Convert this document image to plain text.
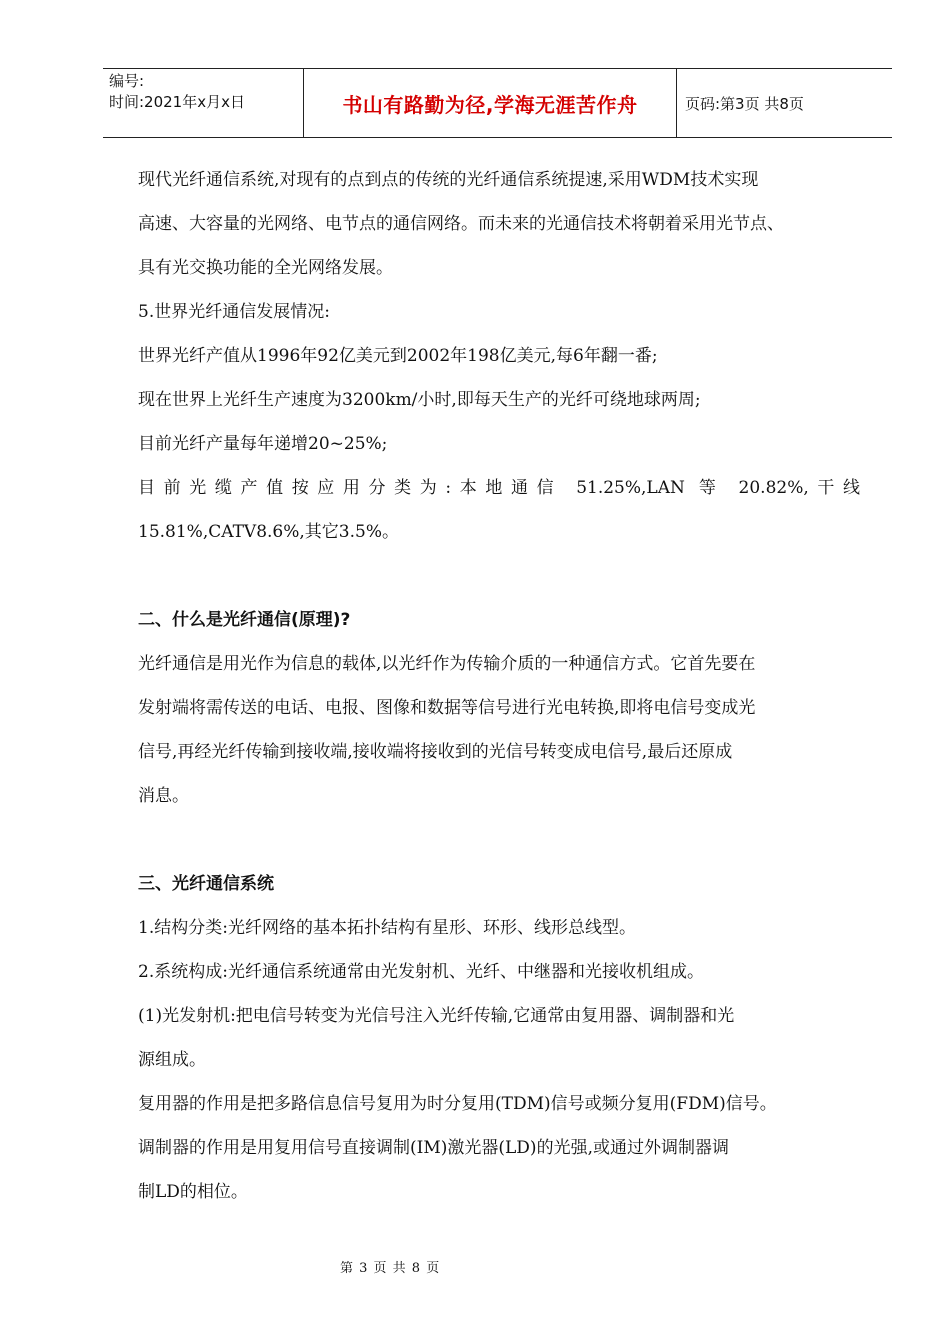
编号:
时间:2021年x月x日	书山有路勤为径,学海无涯苦作舟	页码:第3页 共8页

现代光纤通信系统,对现有的点到点的传统的光纤通信系统提速,采用WDM技术实现

高速、大容量的光网络、电节点的通信网络。而未来的光通信技术将朝着采用光节点、

具有光交换功能的全光网络发展。

5.世界光纤通信发展情况:

世界光纤产值从1996年92亿美元到2002年198亿美元,每6年翻一番;

现在世界上光纤生产速度为3200km/小时,即每天生产的光纤可绕地球两周;

目前光纤产量每年递增20~25%;

目前光缆产值按应用分类为:本地通信 51.25%,LAN 等 20.82%,干线

15.81%,CATV8.6%,其它3.5%。

二、什么是光纤通信(原理)?

光纤通信是用光作为信息的载体,以光纤作为传输介质的一种通信方式。它首先要在

发射端将需传送的电话、电报、图像和数据等信号进行光电转换,即将电信号变成光

信号,再经光纤传输到接收端,接收端将接收到的光信号转变成电信号,最后还原成

消息。

三、光纤通信系统

1.结构分类:光纤网络的基本拓扑结构有星形、环形、线形总线型。

2.系统构成:光纤通信系统通常由光发射机、光纤、中继器和光接收机组成。

(1)光发射机:把电信号转变为光信号注入光纤传输,它通常由复用器、调制器和光

源组成。

复用器的作用是把多路信息信号复用为时分复用(TDM)信号或频分复用(FDM)信号。

调制器的作用是用复用信号直接调制(IM)激光器(LD)的光强,或通过外调制器调

制LD的相位。

第 3 页 共 8 页
